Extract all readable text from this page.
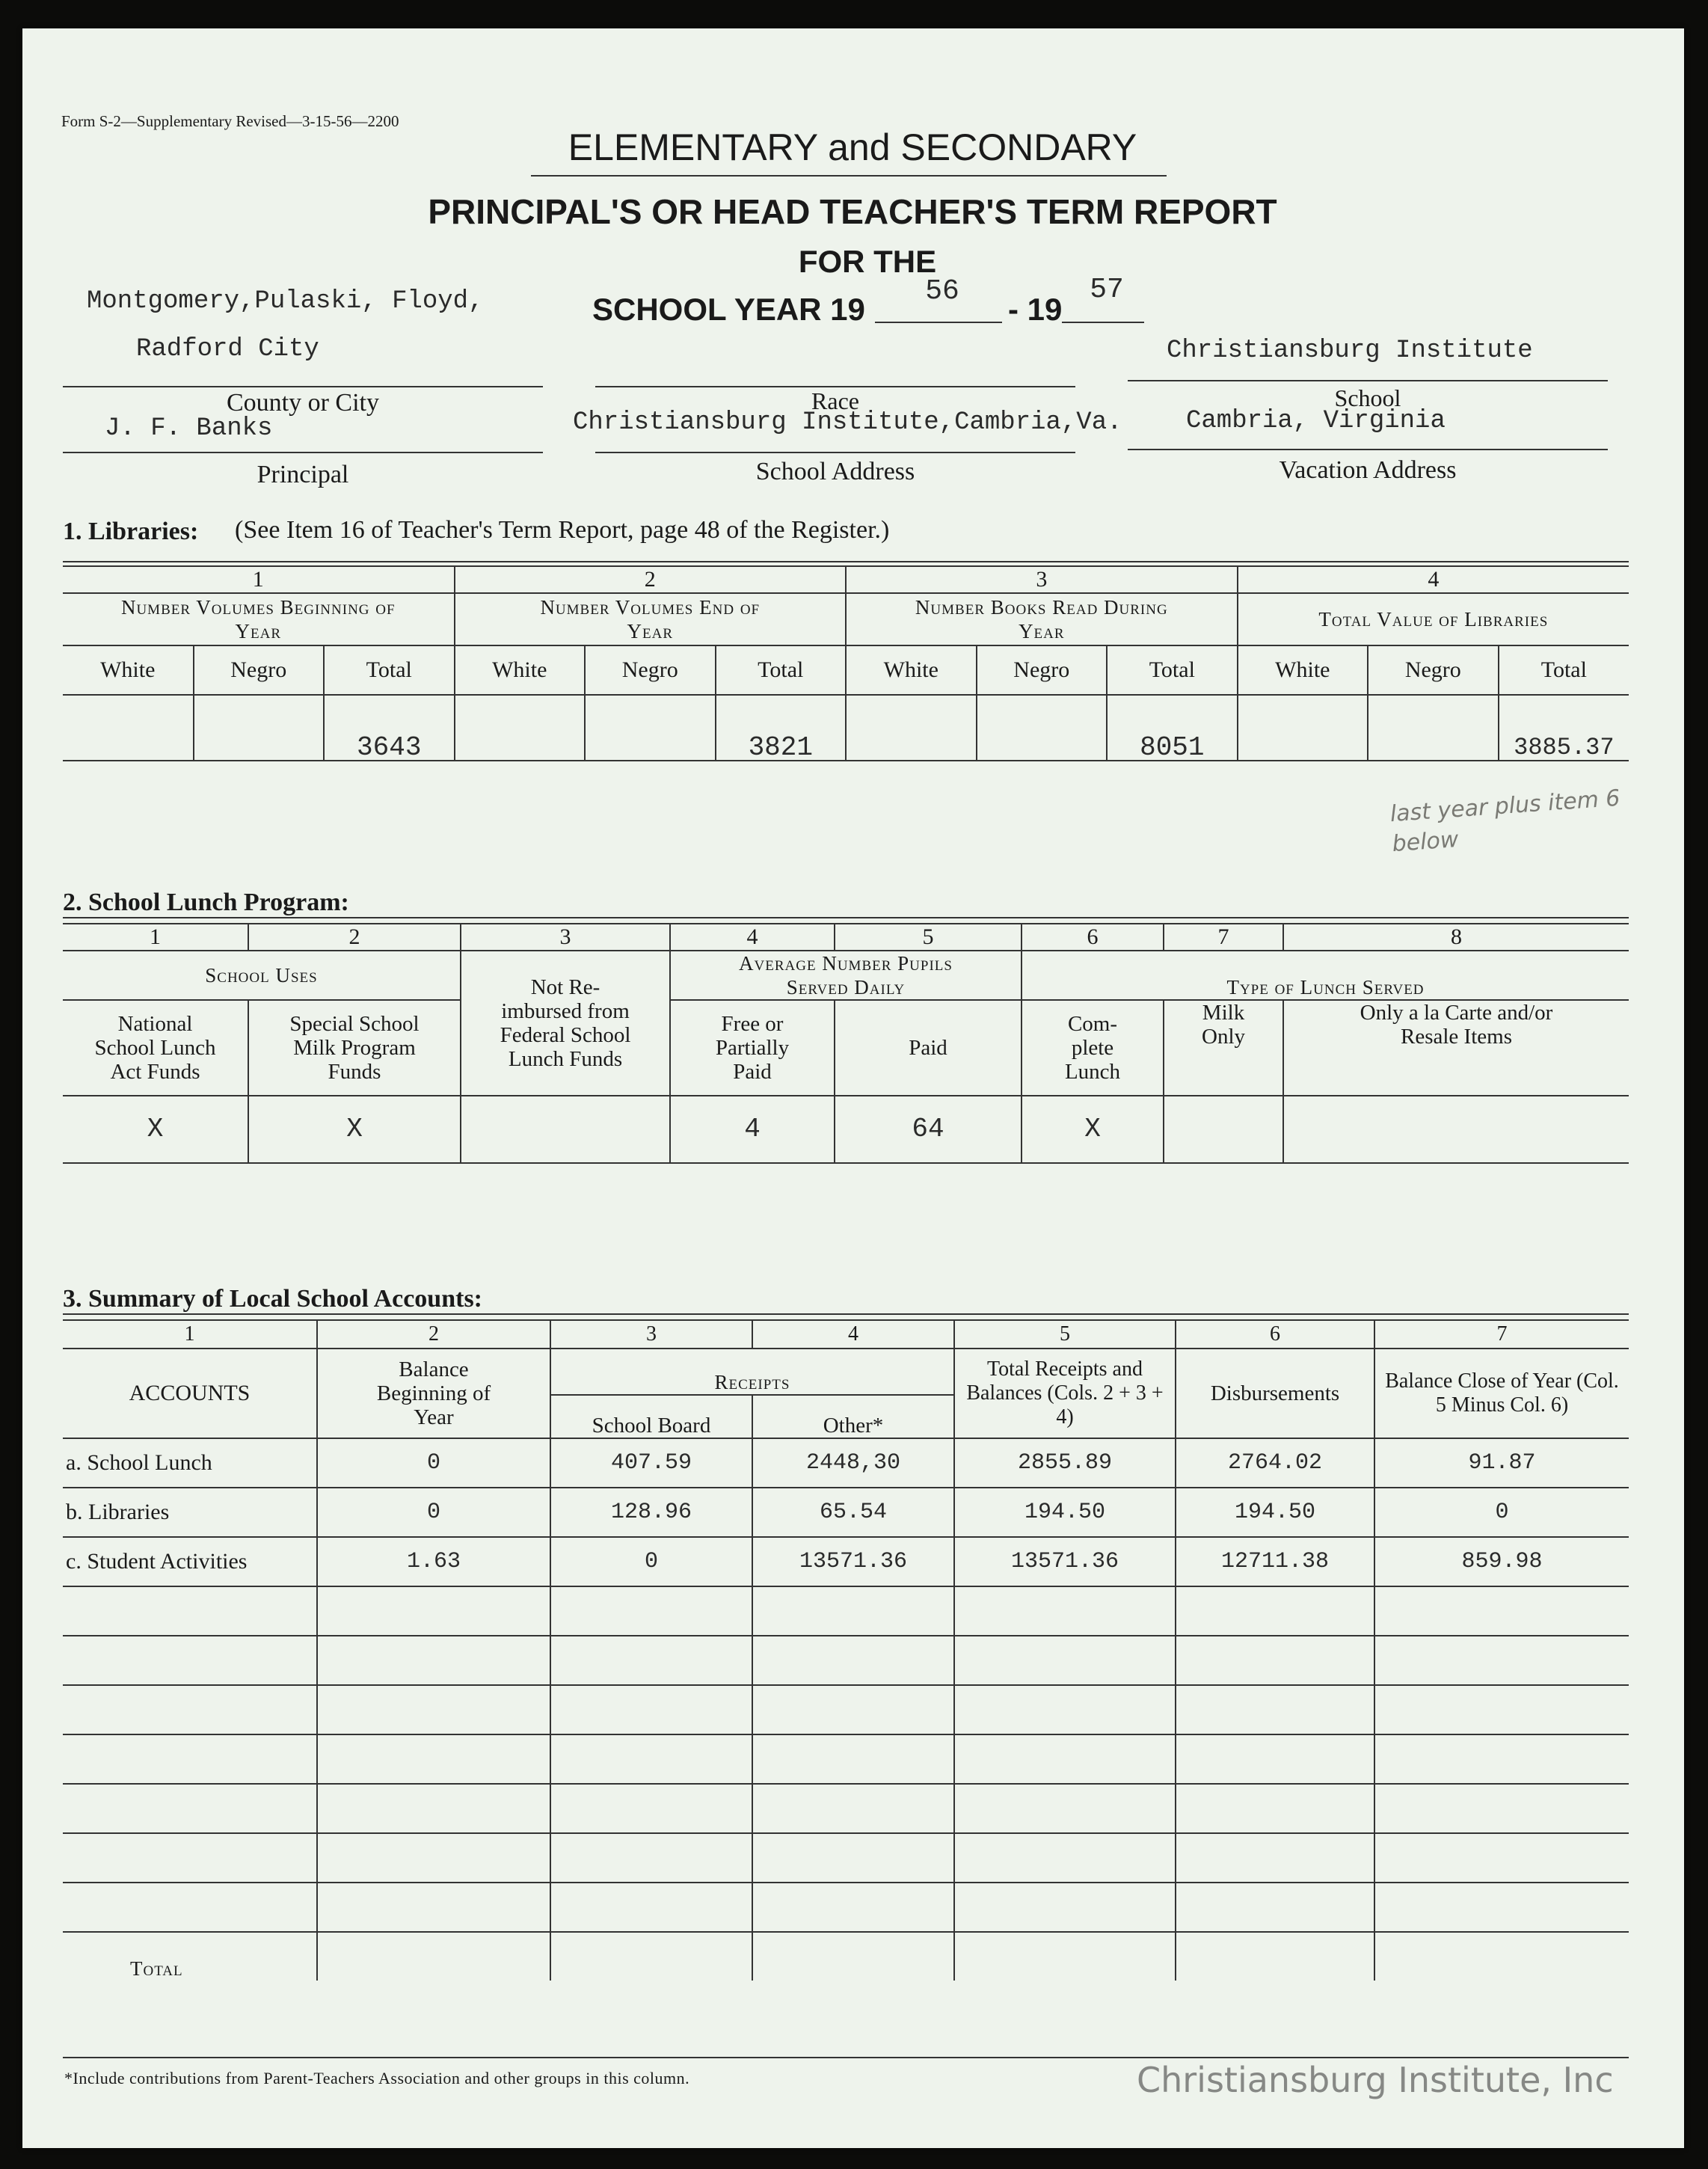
Form S-2—Supplementary Revised—3-15-56—2200
ELEMENTARY and SECONDARY
PRINCIPAL'S OR HEAD TEACHER'S TERM REPORT
FOR THE
SCHOOL YEAR 19
56
- 19
57
Montgomery,Pulaski, Floyd,
Radford City	Christiansburg Institute
County or City	Race	School
J. F. Banks	Christiansburg Institute,Cambria,Va.	Cambria, Virginia
Principal	School Address	Vacation Address
1. Libraries: (See Item 16 of Teacher's Term Report, page 48 of the Register.)
1			2			3			4		
Number Volumes Beginning of Year			Number Volumes End of Year			Number Books Read During Year			Total Value of Libraries		
White	Negro	Total	White	Negro	Total	White	Negro	Total	White	Negro	Total
		3643			3821			8051			3885.37
last year plus item 6 below
2. School Lunch Program:
1	2	3	4	5	6	7	8
School Uses		Not Re-imbursed from Federal School Lunch Funds	Average Number Pupils Served Daily		Type of Lunch Served		
National School Lunch Act Funds	Special School Milk Program Funds		Free or Partially Paid	Paid	Com-plete Lunch	Milk Only	Only a la Carte and/or Resale Items
X	X		4	64	X		
3. Summary of Local School Accounts:
1	2	3	4	5	6	7
ACCOUNTS	Balance Beginning of Year	Receipts		Total Receipts and Balances (Cols. 2 + 3 + 4)	Disbursements	Balance Close of Year (Col. 5 Minus Col. 6)
		School Board	Other*			
a. School Lunch	0	407.59	2448,30	2855.89	2764.02	91.87
b. Libraries	0	128.96	65.54	194.50	194.50	0
c. Student Activities	1.63	0	13571.36	13571.36	12711.38	859.98

Total						
*Include contributions from Parent-Teachers Association and other groups in this column.	Christiansburg Institute, Inc
